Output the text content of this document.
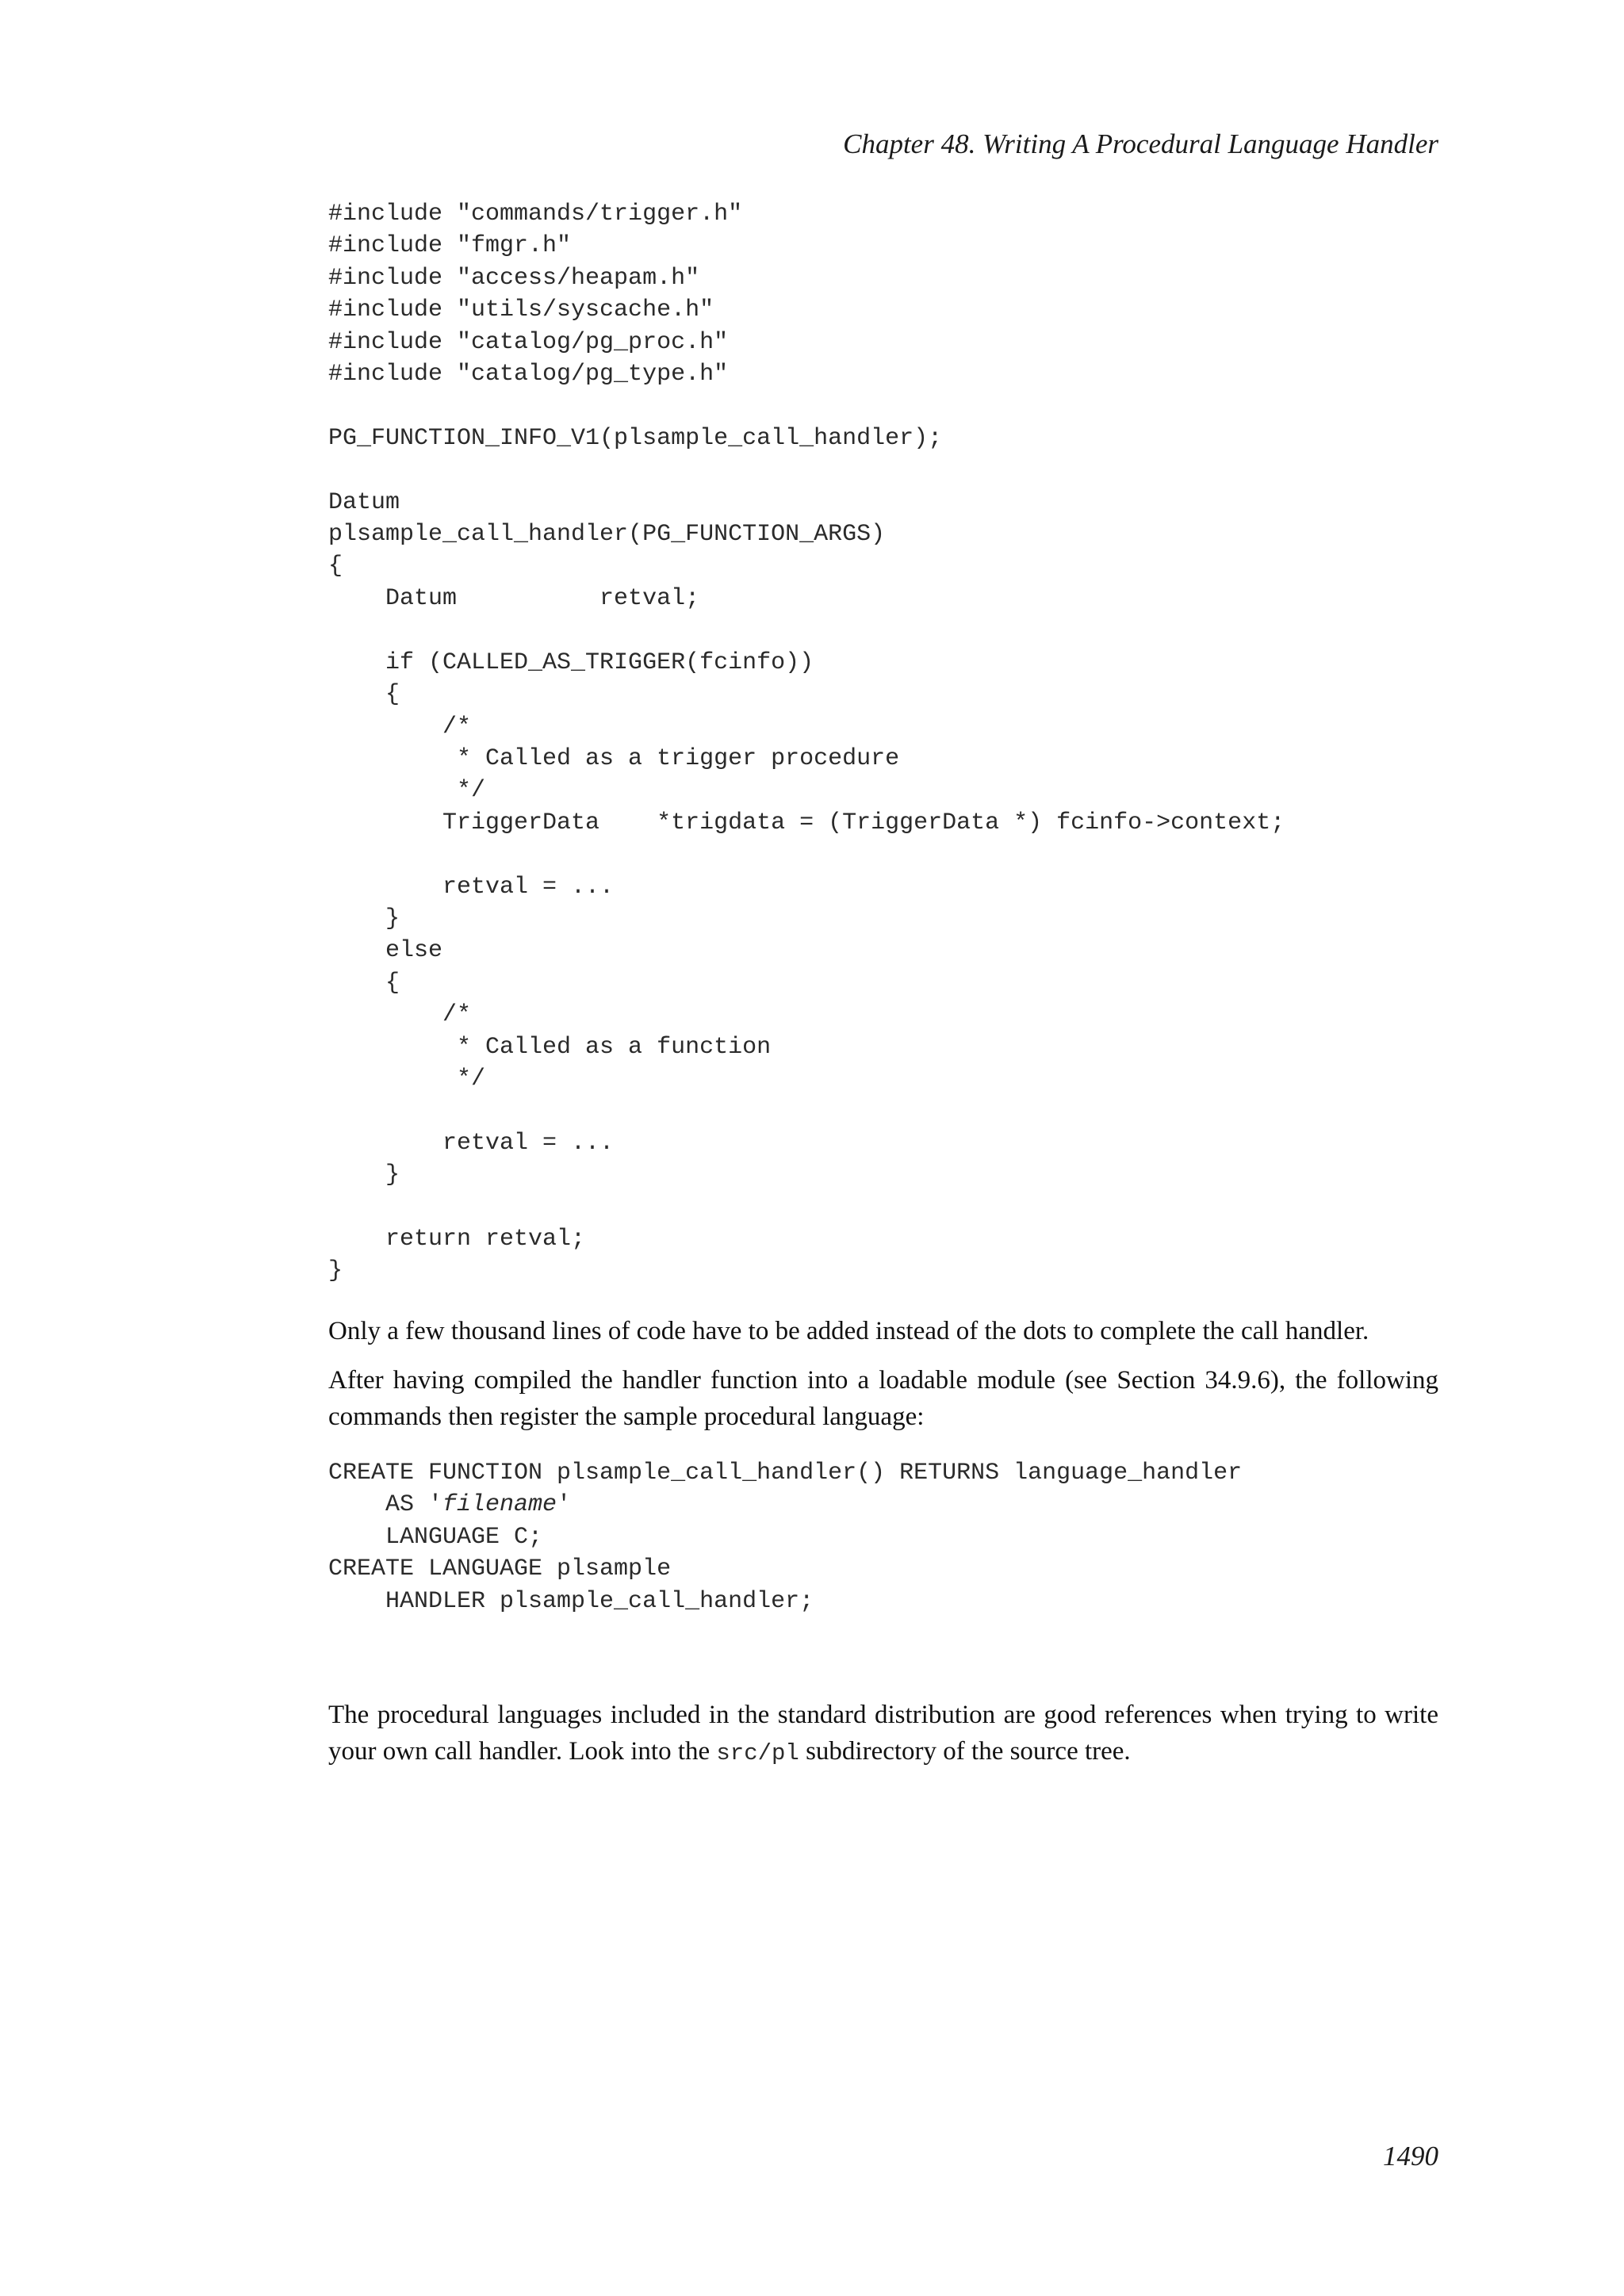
Chapter 48. Writing A Procedural Language Handler
#include "commands/trigger.h"
#include "fmgr.h"
#include "access/heapam.h"
#include "utils/syscache.h"
#include "catalog/pg_proc.h"
#include "catalog/pg_type.h"

PG_FUNCTION_INFO_V1(plsample_call_handler);

Datum
plsample_call_handler(PG_FUNCTION_ARGS)
{
Datum          retval;

if (CALLED_AS_TRIGGER(fcinfo))
{
/*
* Called as a trigger procedure
*/
TriggerData    *trigdata = (TriggerData *) fcinfo->context;

retval = ...
}
else
{
/*
* Called as a function
*/

retval = ...
}

return retval;
}

Only a few thousand lines of code have to be added instead of the dots to complete the call handler.

After having compiled the handler function into a loadable module (see Section 34.9.6), the following commands then register the sample procedural language:

CREATE FUNCTION plsample_call_handler() RETURNS language_handler
AS 'filename'
LANGUAGE C;
CREATE LANGUAGE plsample
HANDLER plsample_call_handler;

The procedural languages included in the standard distribution are good references when trying to write your own call handler. Look into the src/pl subdirectory of the source tree.

1490
